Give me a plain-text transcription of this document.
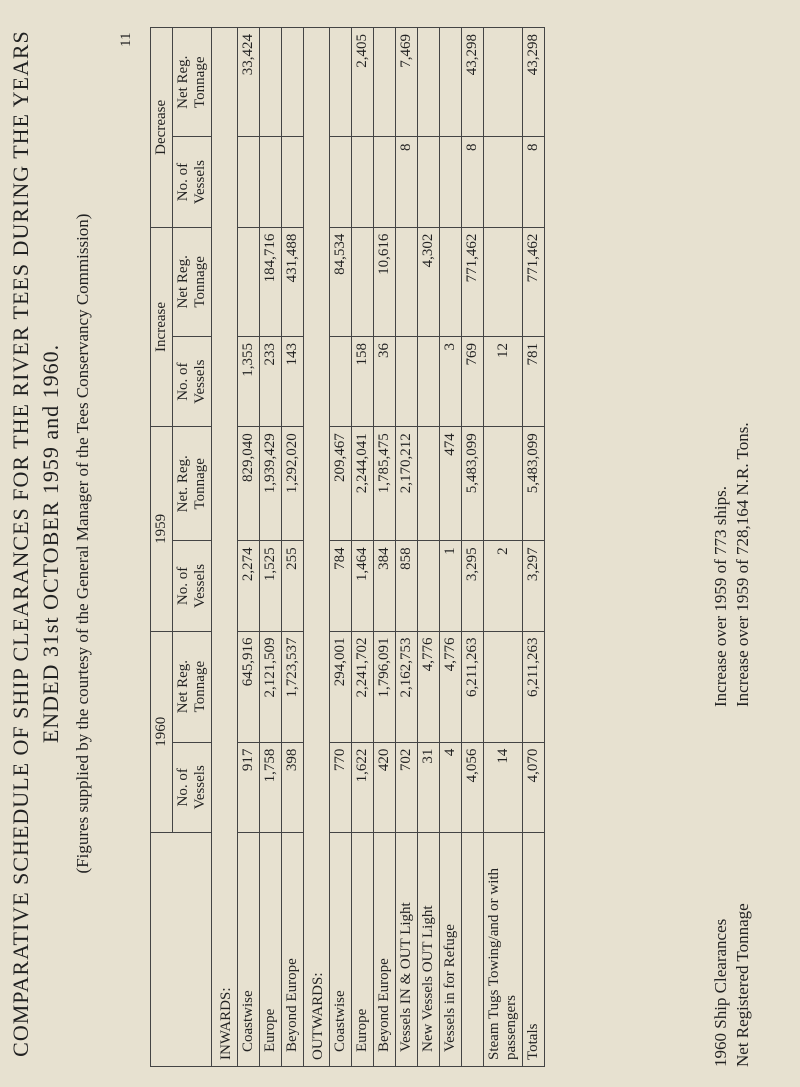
COMPARATIVE SCHEDULE OF SHIP CLEARANCES FOR THE RIVER TEES DURING THE YEARS ENDED 31st OCTOBER 1959 and 1960. (Figures supplied by the courtesy of the General Manager of the Tees Conservancy Commission)
11
	1960		1959		Increase		Decrease	
	No. of Vessels	Net Reg. Tonnage	No. of Vessels	Net. Reg. Tonnage	No. of Vessels	Net Reg. Tonnage	No. of Vessels	Net Reg. Tonnage
INWARDS:								
Coastwise	917	645,916	2,274	829,040	1,355			33,424
Europe	1,758	2,121,509	1,525	1,939,429	233	184,716		
Beyond Europe	398	1,723,537	255	1,292,020	143	431,488		
OUTWARDS:								
Coastwise	770	294,001	784	209,467		84,534		
Europe	1,622	2,241,702	1,464	2,244,041	158			2,405
Beyond Europe	420	1,796,091	384	1,785,475	36	10,616		
Vessels IN & OUT Light	702	2,162,753	858	2,170,212			8	7,469
New Vessels OUT Light	31	4,776				4,302		
Vessels in for Refuge	4	4,776	1	474	3			
	4,056	6,211,263	3,295	5,483,099	769	771,462	8	43,298
Steam Tugs Towing/and or with passengers	14		2		12			
Totals	4,070	6,211,263	3,297	5,483,099	781	771,462	8	43,298
1960 Ship Clearances
Increase over 1959 of 773 ships.
Net Registered Tonnage
Increase over 1959 of 728,164 N.R. Tons.
